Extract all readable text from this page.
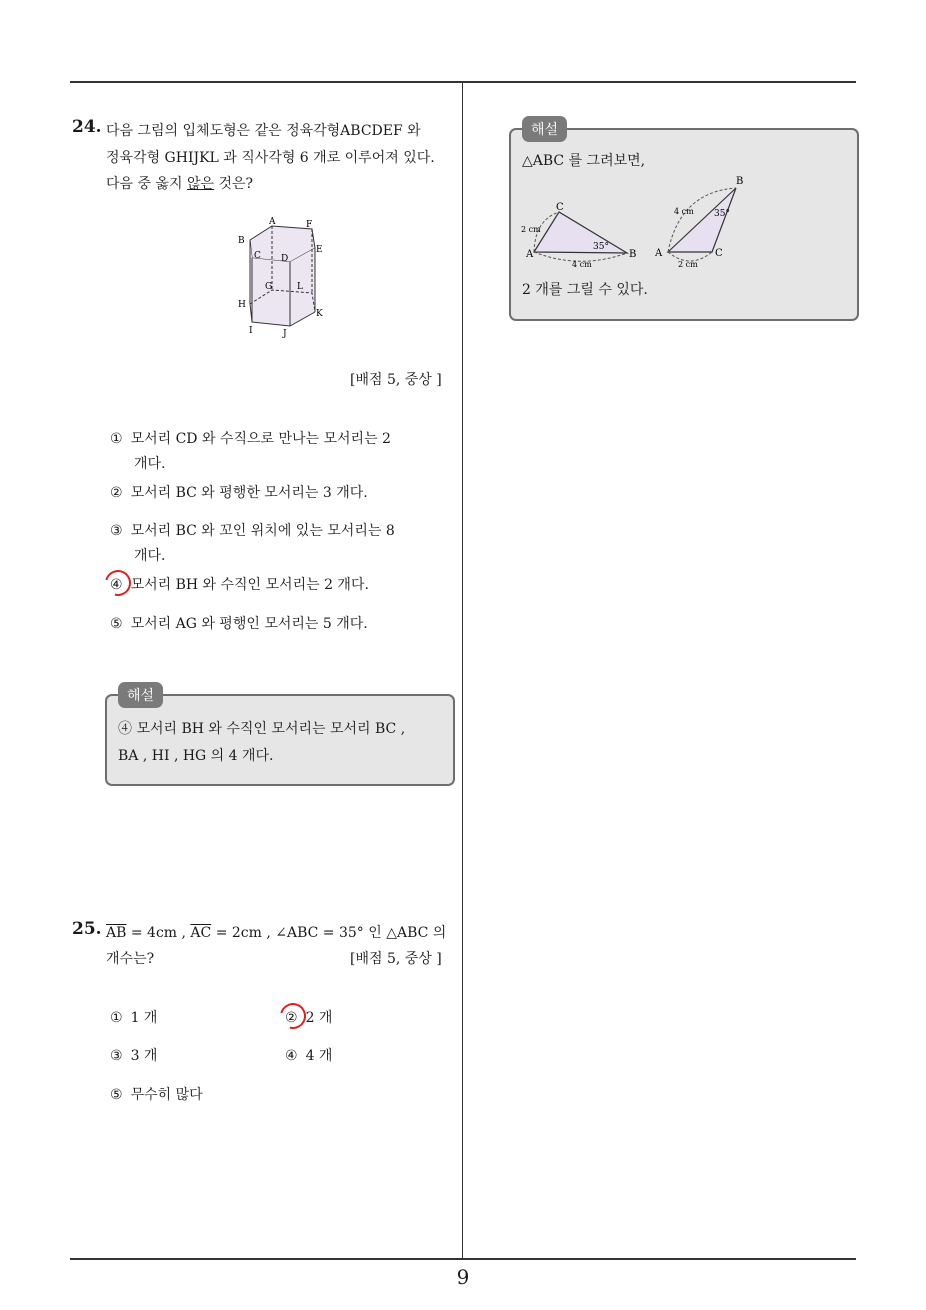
9
24. 다음 그림의 입체도형은 같은 정육각형ABCDEF 와
정육각형 GHIJKL 과 직사각형 6 개로 이루어져 있다.
다음 중 옳지 않은 것은?
A	F
B
E
C D
G	L
H
K
I	J
[배점 5, 중상 ]
① 모서리 CD 와 수직으로 만나는 모서리는 2
개다.
② 모서리 BC 와 평행한 모서리는 3 개다.
③ 모서리 BC 와 꼬인 위치에 있는 모서리는 8
개다.
④ 모서리 BH 와 수직인 모서리는 2 개다.
⑤ 모서리 AG 와 평행인 모서리는 5 개다.
해설
④ 모서리 BH 와 수직인 모서리는 모서리 BC ,
BA , HI , HG 의 4 개다.
25. $\overline{AB} = 4cm$ , $\overline{AC} = 2cm$ , ∠ABC = 35° 인 △ABC 의
개수는?	[배점 5, 중상 ]
① 1 개	② 2 개
③ 3 개	④ 4 개
⑤ 무수히 많다
해설
△ABC 를 그려보면,
C
A	B
2 cm
4 cm
35°
B
A	C
4 cm
2 cm
35°
2 개를 그릴 수 있다.
